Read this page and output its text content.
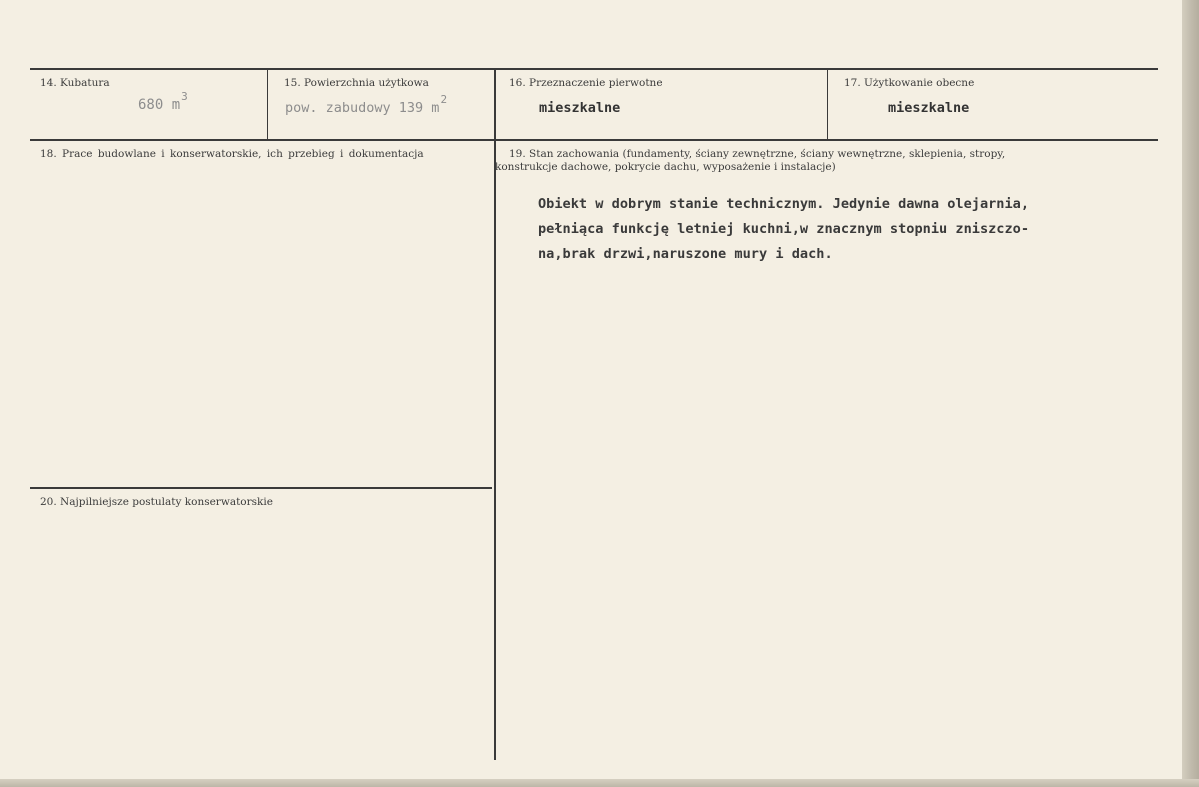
14. Kubatura
680 $m^3$
15. Powierzchnia użytkowa
pow. zabudowy 139 $m^2$
16. Przeznaczenie pierwotne
mieszkalne
17. Użytkowanie obecne
mieszkalne
18. Prace budowlane i konserwatorskie, ich przebieg i dokumentacja	19. Stan zachowania (fundamenty, ściany zewnętrzne, ściany wewnętrzne, sklepienia, stropy,
konstrukcje dachowe, pokrycie dachu, wyposażenie i instalacje)
Obiekt w dobrym stanie technicznym. Jedynie dawna olejarnia,
pełniąca funkcję letniej kuchni,w znacznym stopniu zniszczo-
na,brak drzwi,naruszone mury i dach.
20. Najpilniejsze postulaty konserwatorskie
